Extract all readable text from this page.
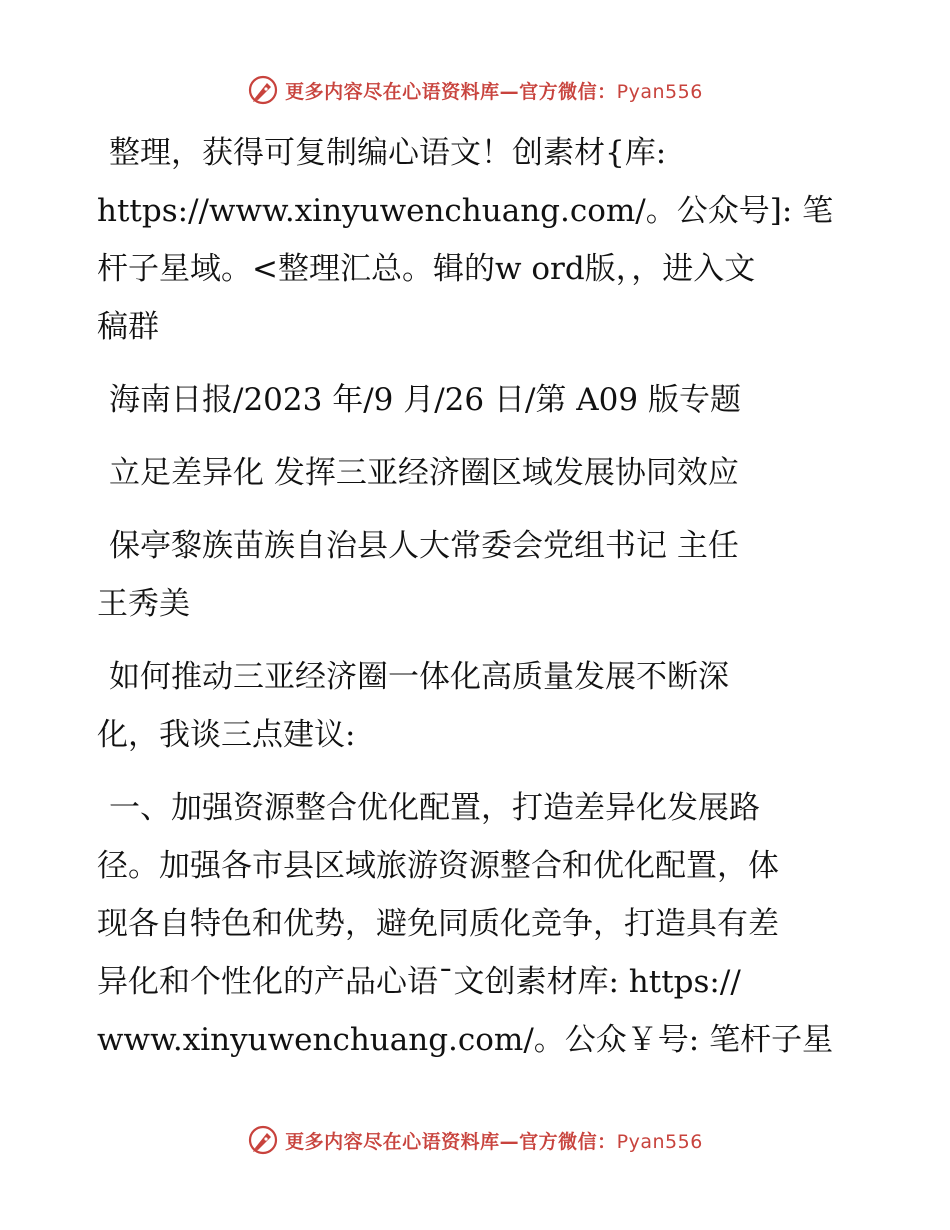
更多内容尽在心语资料库—官方微信：Pyan556

整理，获得可复制编心语文！创素材{库:
https://www.xinyuwenchuang.com/。公众号]: 笔
杆子星域。<整理汇总。辑的w ord版，，进入文
稿群

海南日报/2023 年/9 月/26 日/第 A09 版专题

立足差异化 发挥三亚经济圈区域发展协同效应

保亭黎族苗族自治县人大常委会党组书记 主任
王秀美

如何推动三亚经济圈一体化高质量发展不断深
化，我谈三点建议:

一、加强资源整合优化配置，打造差异化发展路
径。加强各市县区域旅游资源整合和优化配置，体
现各自特色和优势，避免同质化竞争，打造具有差
异化和个性化的产品心语¯文创素材库: https://
www.xinyuwenchuang.com/。公众￥号: 笔杆子星

更多内容尽在心语资料库—官方微信：Pyan556
